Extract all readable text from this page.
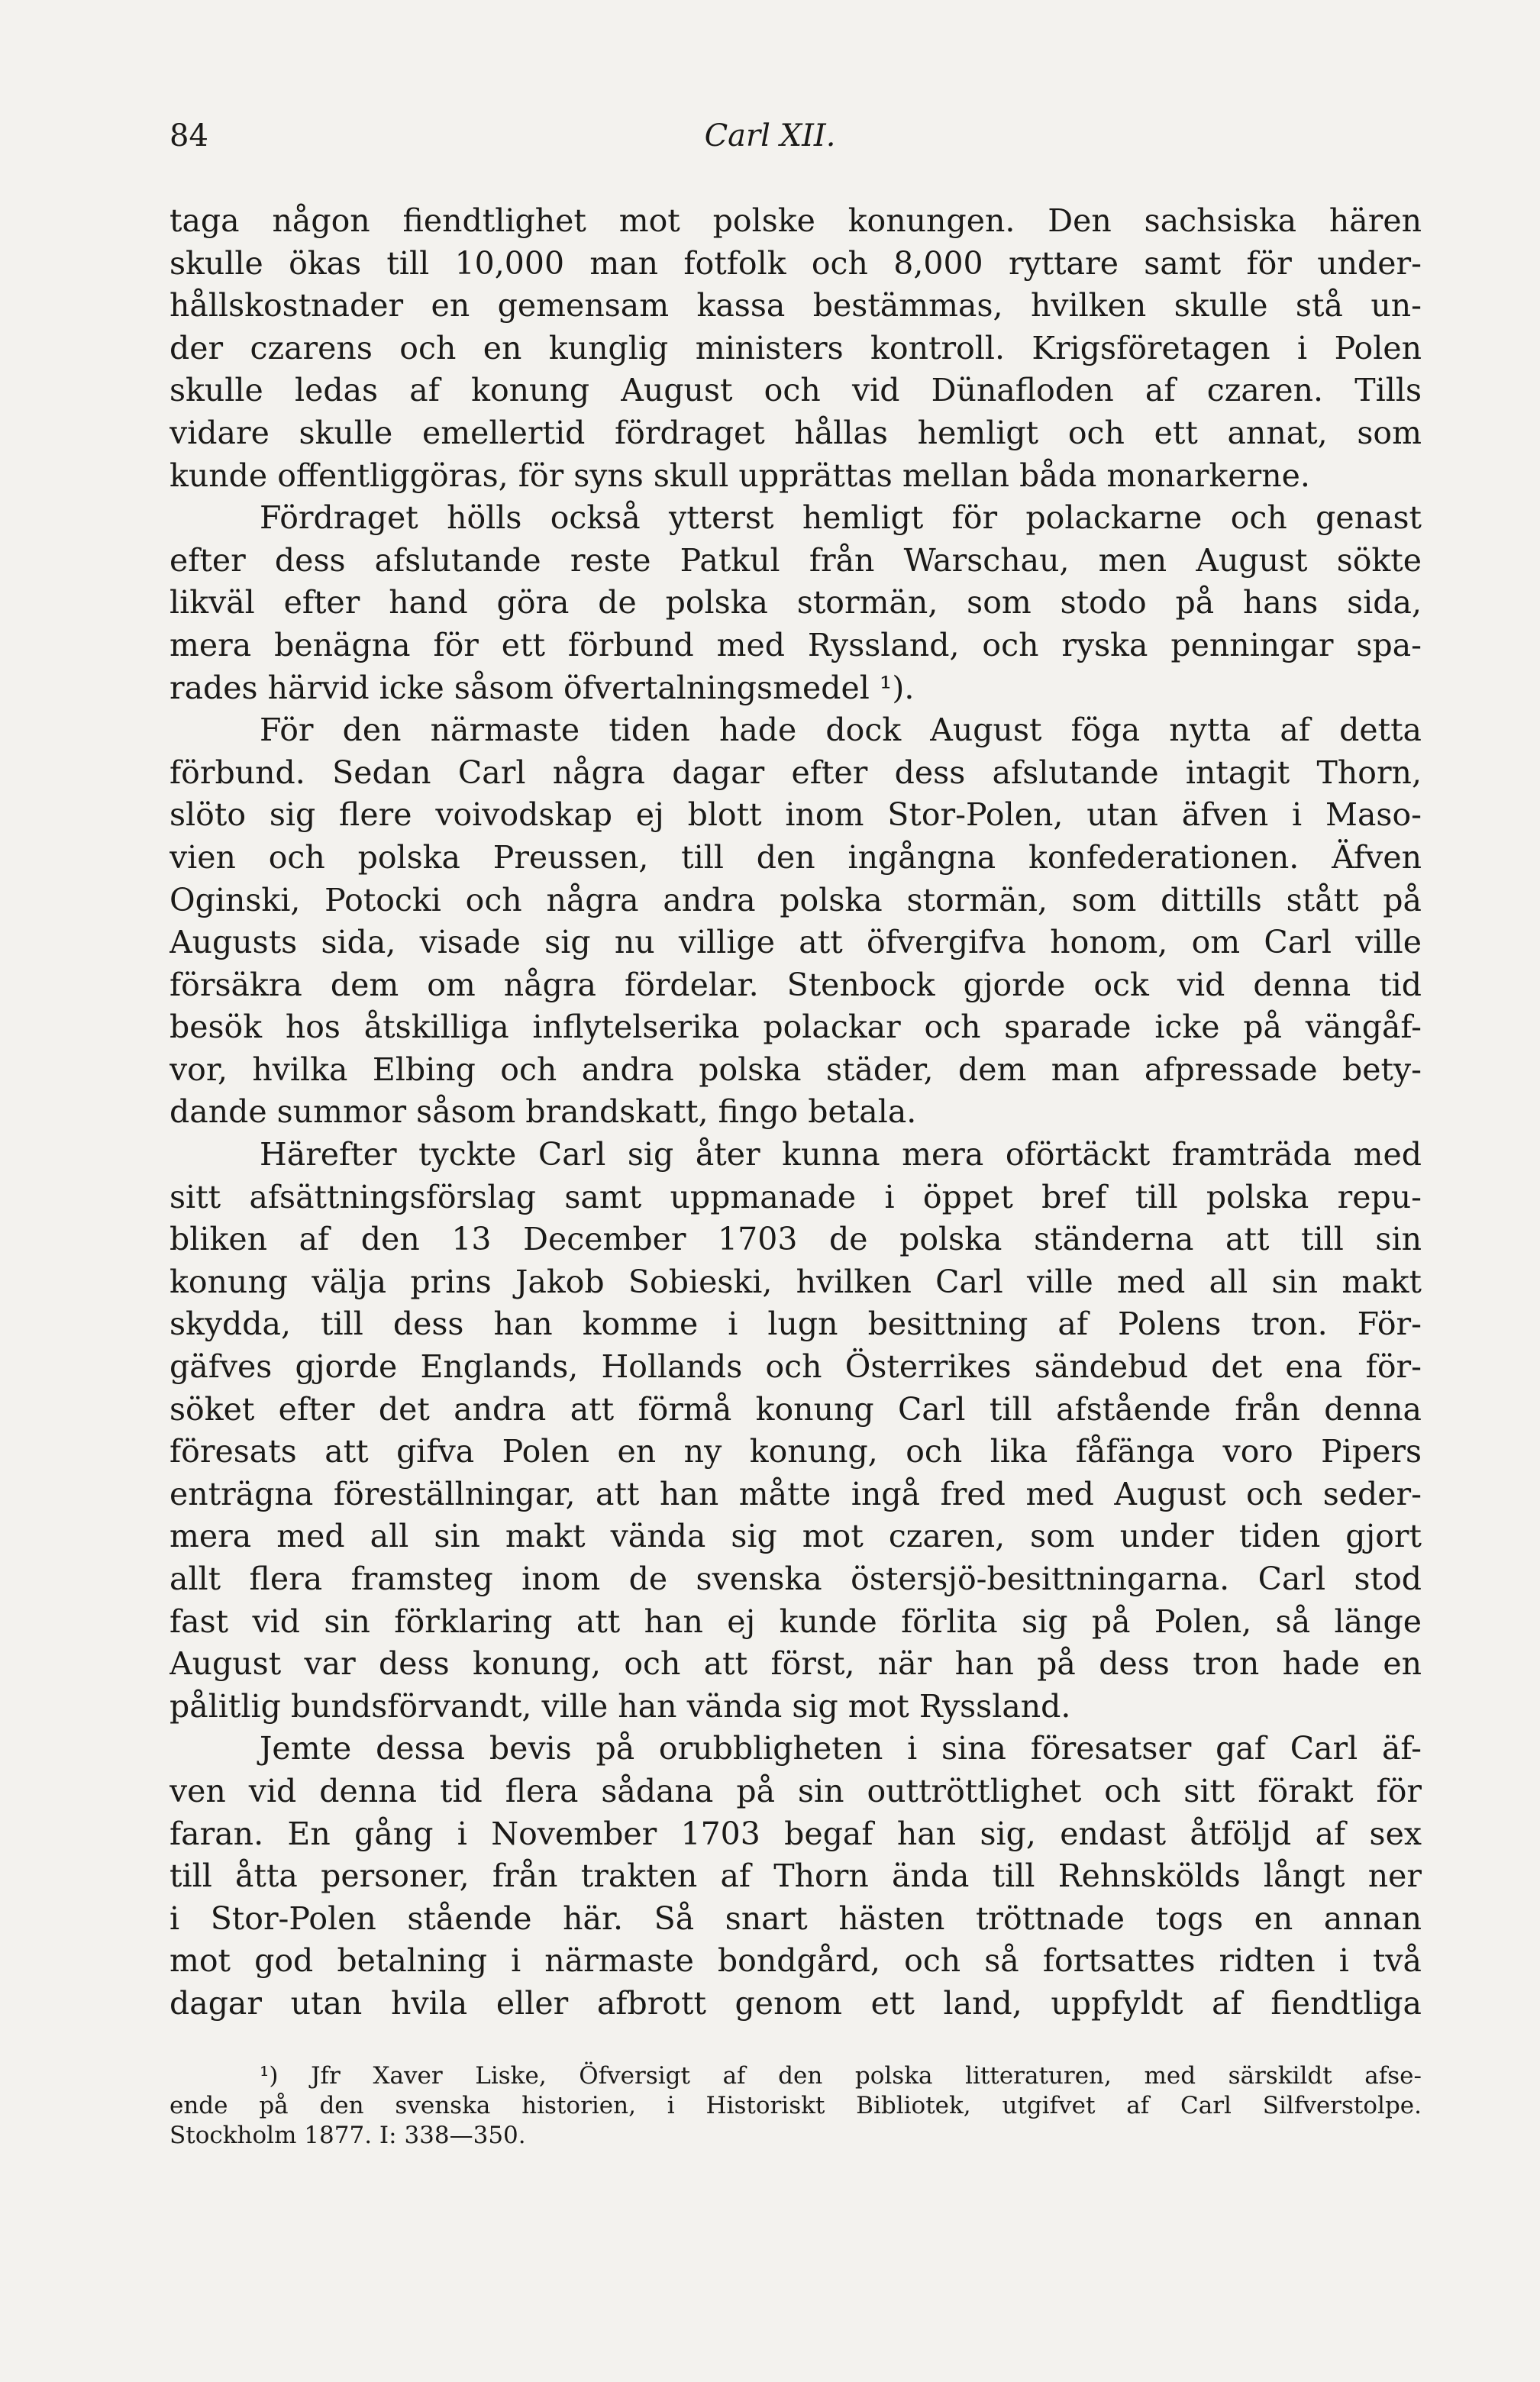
84	Carl XII.
taga någon fiendtlighet mot polske konungen. Den sachsiska hären
skulle ökas till 10,000 man fotfolk och 8,000 ryttare samt för under-
hållskostnader en gemensam kassa bestämmas, hvilken skulle stå un-
der czarens och en kunglig ministers kontroll. Krigsföretagen i Polen
skulle ledas af konung August och vid Dünafloden af czaren. Tills
vidare skulle emellertid fördraget hållas hemligt och ett annat, som
kunde offentliggöras, för syns skull upprättas mellan båda monarkerne.
Fördraget hölls också ytterst hemligt för polackarne och genast
efter dess afslutande reste Patkul från Warschau, men August sökte
likväl efter hand göra de polska stormän, som stodo på hans sida,
mera benägna för ett förbund med Ryssland, och ryska penningar spa-
rades härvid icke såsom öfvertalningsmedel ¹).
För den närmaste tiden hade dock August föga nytta af detta
förbund. Sedan Carl några dagar efter dess afslutande intagit Thorn,
slöto sig flere voivodskap ej blott inom Stor-Polen, utan äfven i Maso-
vien och polska Preussen, till den ingångna konfederationen. Äfven
Oginski, Potocki och några andra polska stormän, som dittills stått på
Augusts sida, visade sig nu villige att öfvergifva honom, om Carl ville
försäkra dem om några fördelar. Stenbock gjorde ock vid denna tid
besök hos åtskilliga inflytelserika polackar och sparade icke på vängåf-
vor, hvilka Elbing och andra polska städer, dem man afpressade bety-
dande summor såsom brandskatt, fingo betala.
Härefter tyckte Carl sig åter kunna mera oförtäckt framträda med
sitt afsättningsförslag samt uppmanade i öppet bref till polska repu-
bliken af den 13 December 1703 de polska ständerna att till sin
konung välja prins Jakob Sobieski, hvilken Carl ville med all sin makt
skydda, till dess han komme i lugn besittning af Polens tron. För-
gäfves gjorde Englands, Hollands och Österrikes sändebud det ena för-
söket efter det andra att förmå konung Carl till afstående från denna
föresats att gifva Polen en ny konung, och lika fåfänga voro Pipers
enträgna föreställningar, att han måtte ingå fred med August och seder-
mera med all sin makt vända sig mot czaren, som under tiden gjort
allt flera framsteg inom de svenska östersjö-besittningarna. Carl stod
fast vid sin förklaring att han ej kunde förlita sig på Polen, så länge
August var dess konung, och att först, när han på dess tron hade en
pålitlig bundsförvandt, ville han vända sig mot Ryssland.
Jemte dessa bevis på orubbligheten i sina föresatser gaf Carl äf-
ven vid denna tid flera sådana på sin outtröttlighet och sitt förakt för
faran. En gång i November 1703 begaf han sig, endast åtföljd af sex
till åtta personer, från trakten af Thorn ända till Rehnskölds långt ner
i Stor-Polen stående här. Så snart hästen tröttnade togs en annan
mot god betalning i närmaste bondgård, och så fortsattes ridten i två
dagar utan hvila eller afbrott genom ett land, uppfyldt af fiendtliga
¹) Jfr Xaver Liske, Öfversigt af den polska litteraturen, med särskildt afse-
ende på den svenska historien, i Historiskt Bibliotek, utgifvet af Carl Silfverstolpe.
Stockholm 1877. I: 338—350.
